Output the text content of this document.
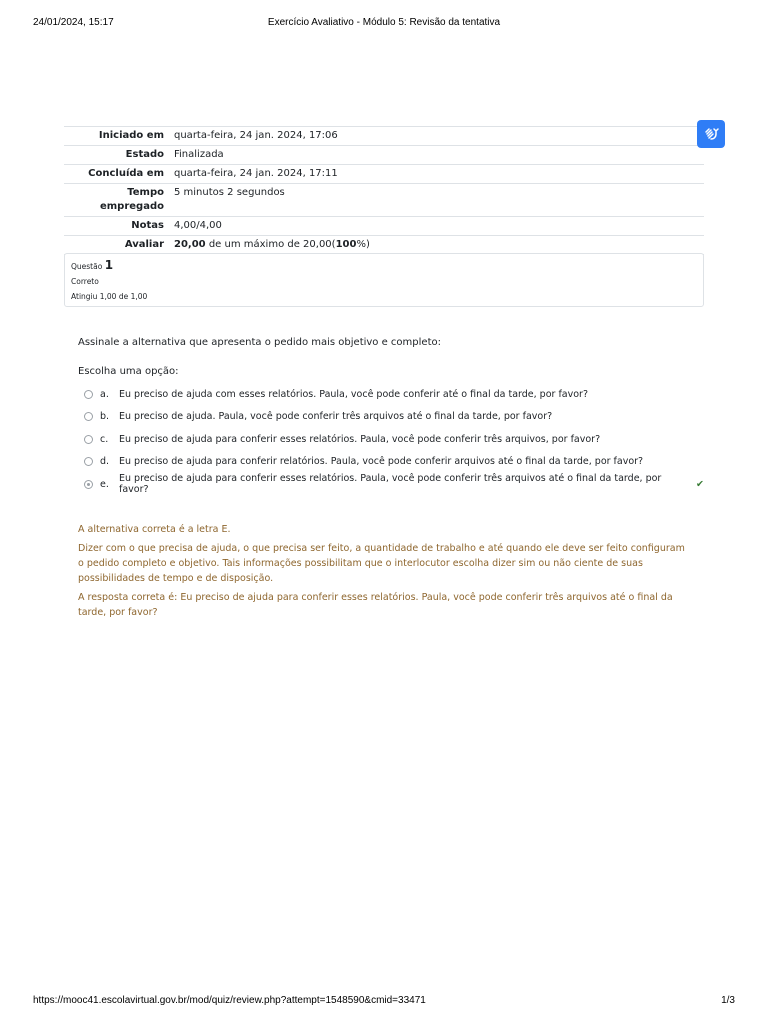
24/01/2024, 15:17	Exercício Avaliativo - Módulo 5: Revisão da tentativa
Iniciado em	quarta-feira, 24 jan. 2024, 17:06
Estado	Finalizada
Concluída em	quarta-feira, 24 jan. 2024, 17:11
Tempo empregado	5 minutos 2 segundos
Notas	4,00/4,00
Avaliar	20,00 de um máximo de 20,00(100%)
Questão 1
Correto
Atingiu 1,00 de 1,00
Assinale a alternativa que apresenta o pedido mais objetivo e completo:
Escolha uma opção:
a.	Eu preciso de ajuda com esses relatórios. Paula, você pode conferir até o final da tarde, por favor?
b.	Eu preciso de ajuda. Paula, você pode conferir três arquivos até o final da tarde, por favor?
c.	Eu preciso de ajuda para conferir esses relatórios. Paula, você pode conferir três arquivos, por favor?
d.	Eu preciso de ajuda para conferir relatórios. Paula, você pode conferir arquivos até o final da tarde, por favor?
e.	Eu preciso de ajuda para conferir esses relatórios. Paula, você pode conferir três arquivos até o final da tarde, por favor?	✔

A alternativa correta é a letra E.

Dizer com o que precisa de ajuda, o que precisa ser feito, a quantidade de trabalho e até quando ele deve ser feito configuram o pedido completo e objetivo. Tais informações possibilitam que o interlocutor escolha dizer sim ou não ciente de suas possibilidades de tempo e de disposição.

A resposta correta é: Eu preciso de ajuda para conferir esses relatórios. Paula, você pode conferir três arquivos até o final da tarde, por favor?

https://mooc41.escolavirtual.gov.br/mod/quiz/review.php?attempt=1548590&cmid=33471	1/3
